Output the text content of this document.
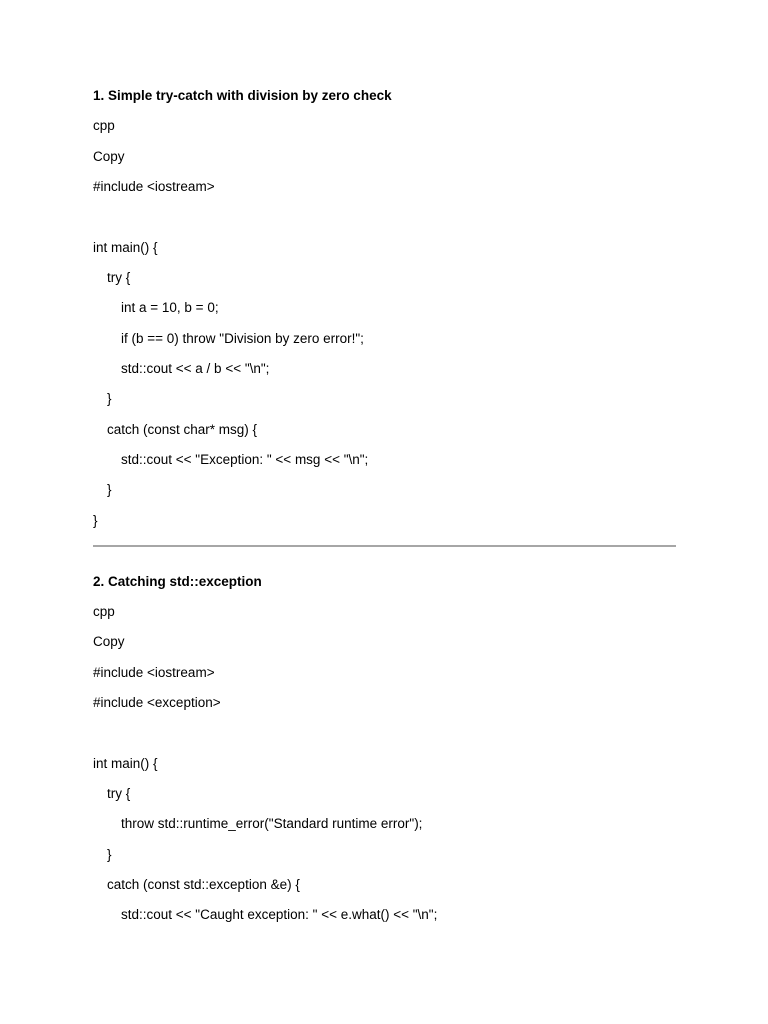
1. Simple try-catch with division by zero check
cpp
Copy
#include <iostream>
int main() {
try {
int a = 10, b = 0;
if (b == 0) throw "Division by zero error!";
std::cout << a / b << "\n";
}
catch (const char* msg) {
std::cout << "Exception: " << msg << "\n";
}
}
2. Catching std::exception
cpp
Copy
#include <iostream>
#include <exception>
int main() {
try {
throw std::runtime_error("Standard runtime error");
}
catch (const std::exception &e) {
std::cout << "Caught exception: " << e.what() << "\n";
